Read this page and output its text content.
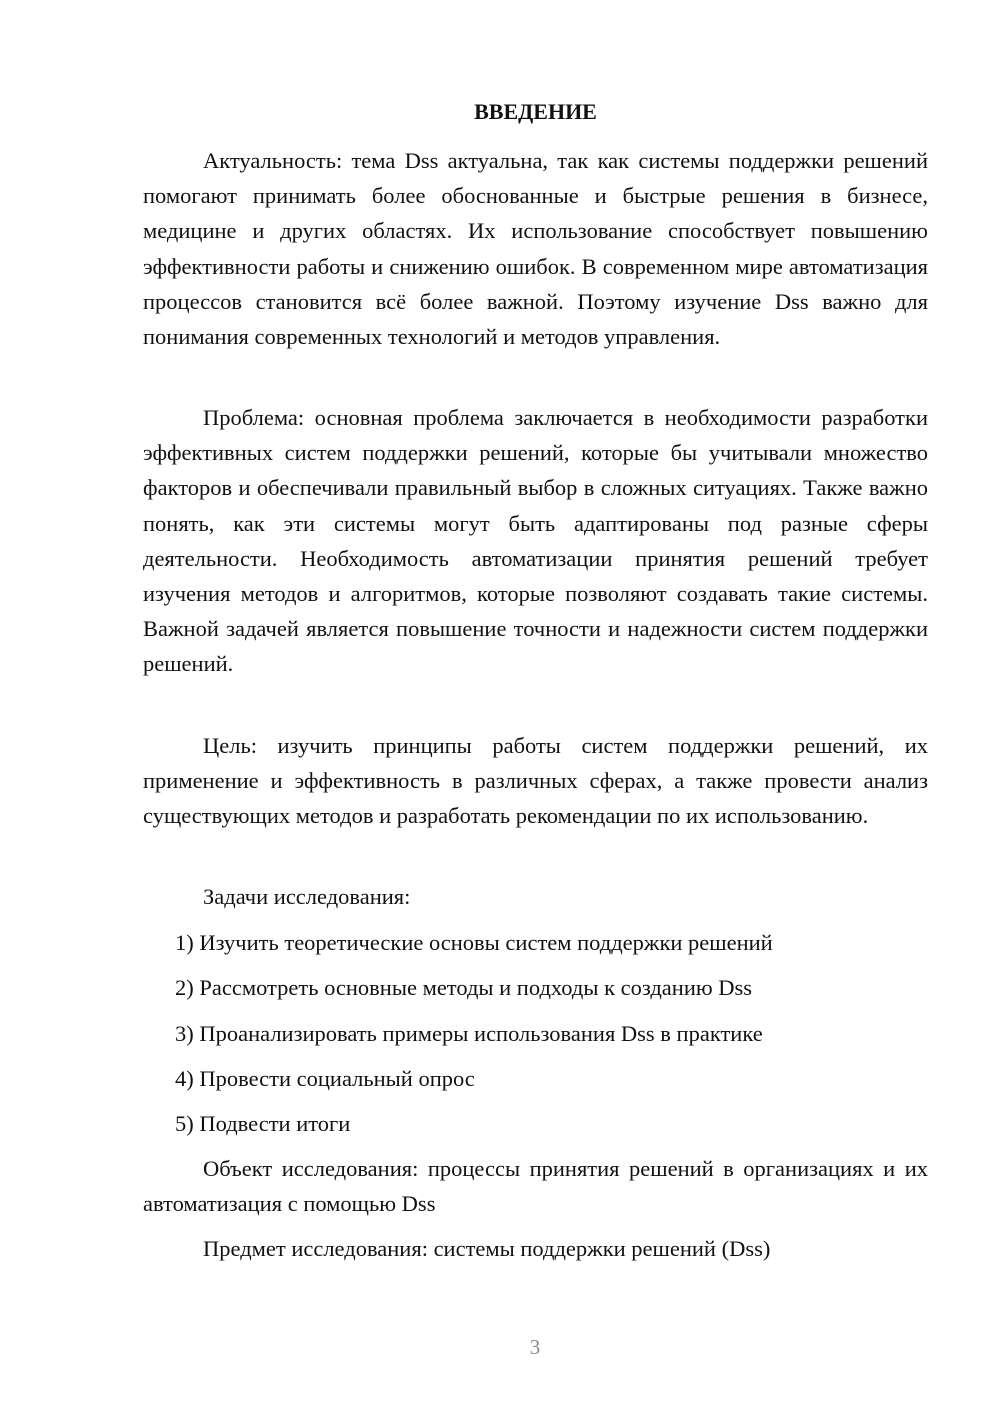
ВВЕДЕНИЕ

Актуальность: тема Dss актуальна, так как системы поддержки решений помогают принимать более обоснованные и быстрые решения в бизнесе, медицине и других областях. Их использование способствует повышению эффективности работы и снижению ошибок. В современном мире автоматизация процессов становится всё более важной. Поэтому изучение Dss важно для понимания современных технологий и методов управления.

Проблема: основная проблема заключается в необходимости разработки эффективных систем поддержки решений, которые бы учитывали множество факторов и обеспечивали правильный выбор в сложных ситуациях. Также важно понять, как эти системы могут быть адаптированы под разные сферы деятельности. Необходимость автоматизации принятия решений требует изучения методов и алгоритмов, которые позволяют создавать такие системы. Важной задачей является повышение точности и надежности систем поддержки решений.

Цель: изучить принципы работы систем поддержки решений, их применение и эффективность в различных сферах, а также провести анализ существующих методов и разработать рекомендации по их использованию.

Задачи исследования:

1) Изучить теоретические основы систем поддержки решений
2) Рассмотреть основные методы и подходы к созданию Dss
3) Проанализировать примеры использования Dss в практике
4) Провести социальный опрос
5) Подвести итоги

Объект исследования: процессы принятия решений в организациях и их автоматизация с помощью Dss

Предмет исследования: системы поддержки решений (Dss)

3
